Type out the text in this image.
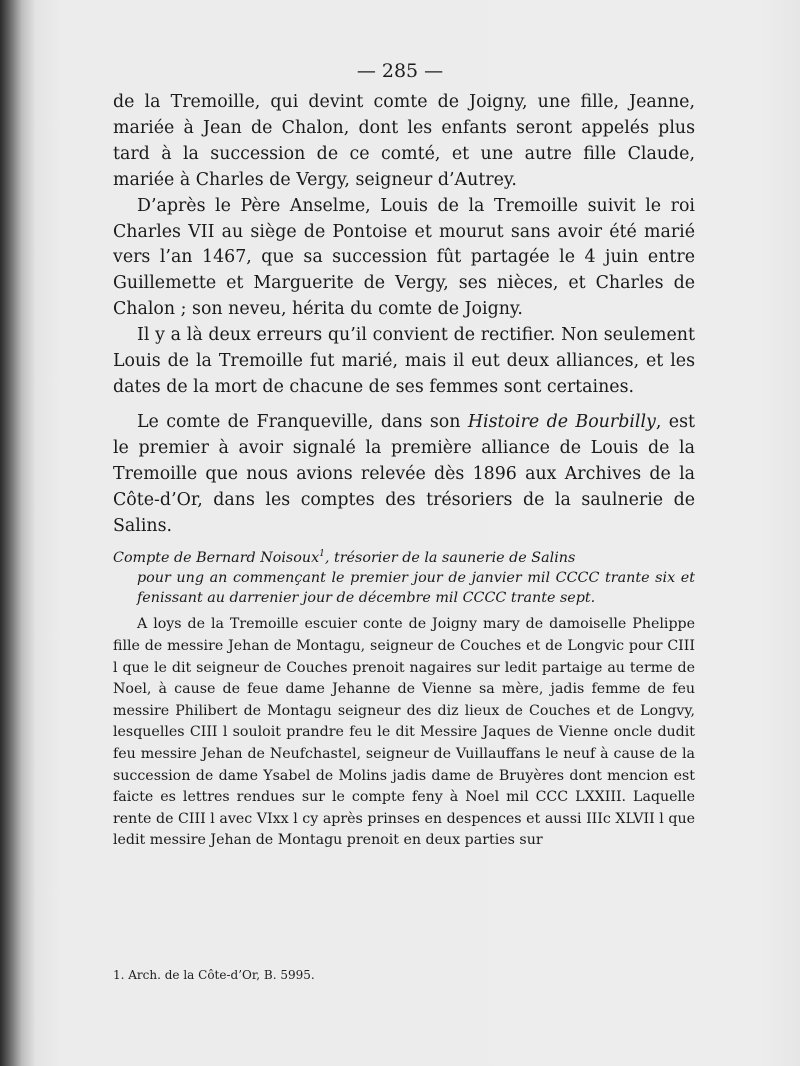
— 285 —

de la Tremoille, qui devint comte de Joigny, une fille, Jeanne, mariée à Jean de Chalon, dont les enfants seront appelés plus tard à la succession de ce comté, et une autre fille Claude, mariée à Charles de Vergy, seigneur d’Autrey.

D’après le Père Anselme, Louis de la Tremoille suivit le roi Charles VII au siège de Pontoise et mourut sans avoir été marié vers l’an 1467, que sa succession fût partagée le 4 juin entre Guillemette et Marguerite de Vergy, ses nièces, et Charles de Chalon ; son neveu, hérita du comte de Joigny.

Il y a là deux erreurs qu’il convient de rectifier. Non seulement Louis de la Tremoille fut marié, mais il eut deux alliances, et les dates de la mort de chacune de ses femmes sont certaines.

Le comte de Franqueville, dans son Histoire de Bourbilly, est le premier à avoir signalé la première alliance de Louis de la Tremoille que nous avions relevée dès 1896 aux Archives de la Côte-d’Or, dans les comptes des trésoriers de la saulnerie de Salins.

Compte de Bernard Noisoux$^1$, trésorier de la saunerie de Salins
pour ung an commençant le premier jour de janvier mil CCCC trante six et fenissant au darrenier jour de décembre mil CCCC trante sept.

A loys de la Tremoille escuier conte de Joigny mary de damoiselle Phelippe fille de messire Jehan de Montagu, seigneur de Couches et de Longvic pour CIII l que le dit seigneur de Couches prenoit nagaires sur ledit partaige au terme de Noel, à cause de feue dame Jehanne de Vienne sa mère, jadis femme de feu messire Philibert de Montagu seigneur des diz lieux de Couches et de Longvy, lesquelles CIII l souloit prandre feu le dit Messire Jaques de Vienne oncle dudit feu messire Jehan de Neufchastel, seigneur de Vuillauffans le neuf à cause de la succession de dame Ysabel de Molins jadis dame de Bruyères dont mencion est faicte es lettres rendues sur le compte feny à Noel mil CCC LXXIII. Laquelle rente de CIII l avec VIxx l cy après prinses en despences et aussi IIIc XLVII l que ledit messire Jehan de Montagu prenoit en deux parties sur

1. Arch. de la Côte-d’Or, B. 5995.
